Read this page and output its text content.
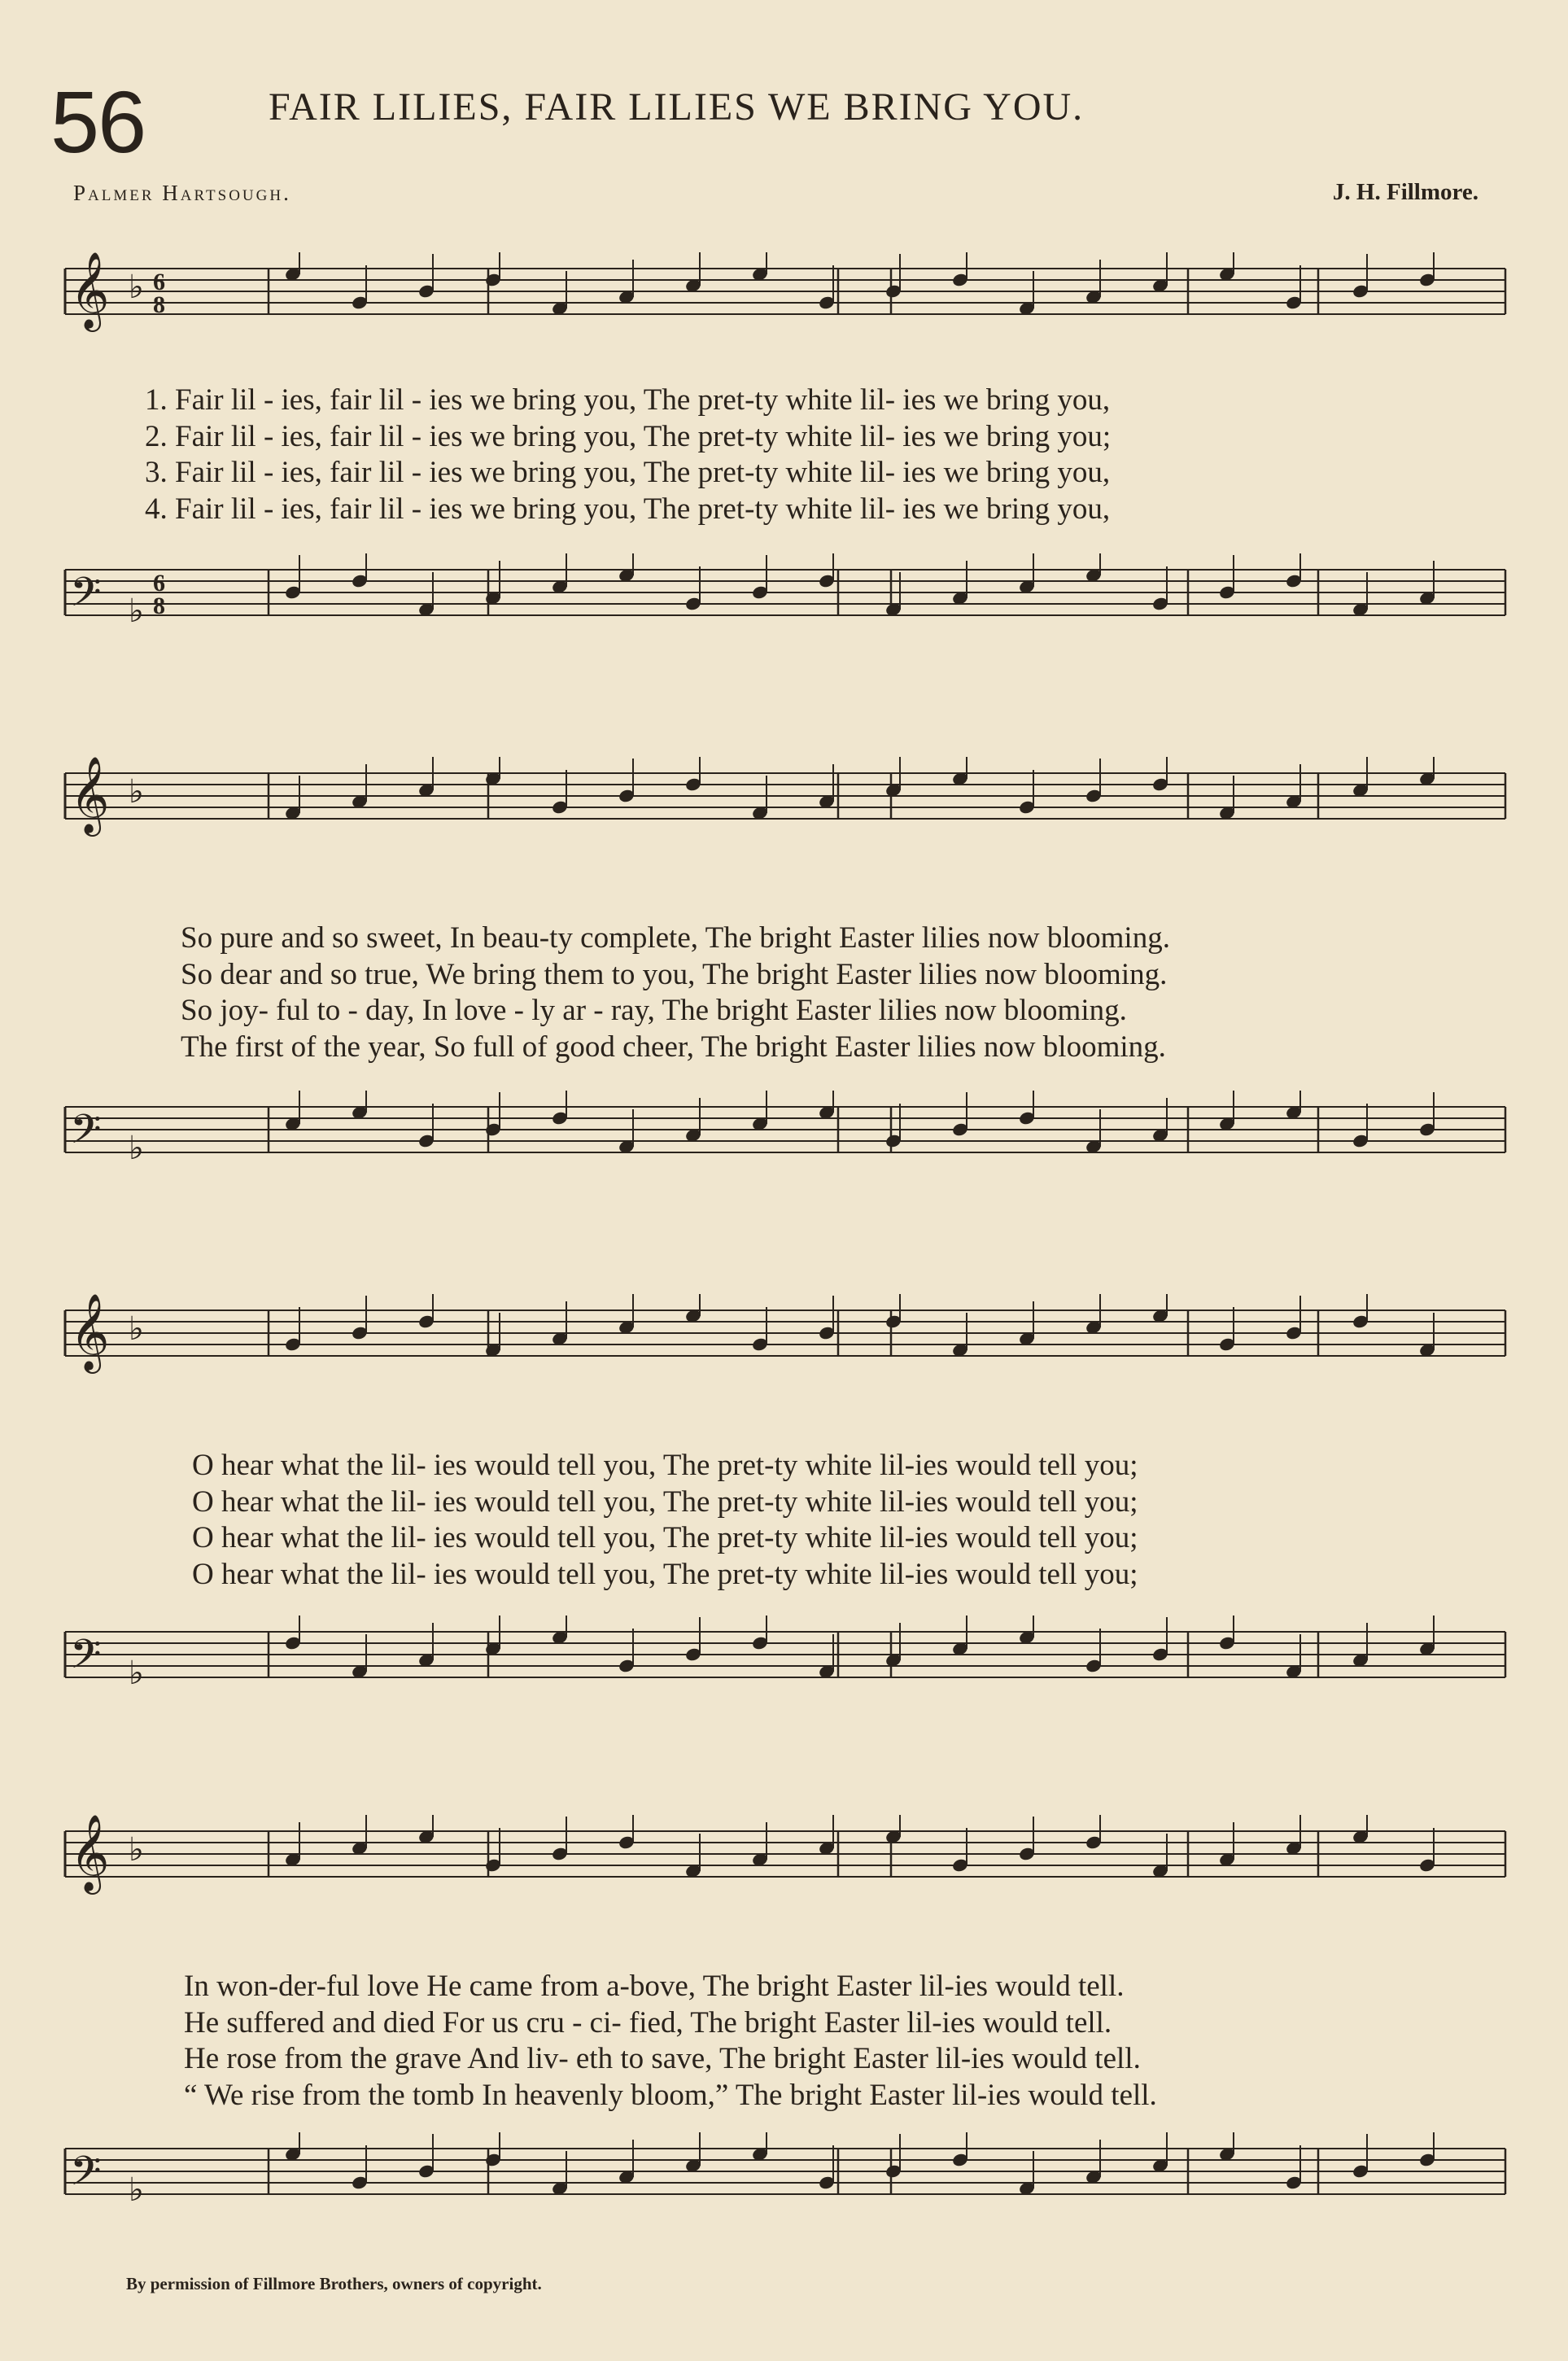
56	FAIR LILIES, FAIR LILIES WE BRING YOU.
Palmer Hartsough.	J. H. Fillmore.
𝄞 ♭ 6
8
1. Fair lil - ies, fair lil - ies we bring you, The pret-ty white lil- ies we bring you,
2. Fair lil - ies, fair lil - ies we bring you, The pret-ty white lil- ies we bring you;
3. Fair lil - ies, fair lil - ies we bring you, The pret-ty white lil- ies we bring you,
4. Fair lil - ies, fair lil - ies we bring you, The pret-ty white lil- ies we bring you,
𝄢 ♭
6
8
𝄞 ♭
So pure and so sweet, In beau-ty complete, The bright Easter lilies now blooming.
So dear and so true, We bring them to you, The bright Easter lilies now blooming.
So joy- ful to - day, In love - ly ar - ray, The bright Easter lilies now blooming.
The first of the year, So full of good cheer, The bright Easter lilies now blooming.
𝄢 ♭
𝄞 ♭
O hear what the lil- ies would tell you, The pret-ty white lil-ies would tell you;
O hear what the lil- ies would tell you, The pret-ty white lil-ies would tell you;
O hear what the lil- ies would tell you, The pret-ty white lil-ies would tell you;
O hear what the lil- ies would tell you, The pret-ty white lil-ies would tell you;
𝄢 ♭
𝄞 ♭
In won-der-ful love He came from a-bove, The bright Easter lil-ies would tell.
He suffered and died For us cru - ci- fied, The bright Easter lil-ies would tell.
He rose from the grave And liv- eth to save, The bright Easter lil-ies would tell.
“ We rise from the tomb In heavenly bloom,” The bright Easter lil-ies would tell.
𝄢 ♭
By permission of Fillmore Brothers, owners of copyright.
